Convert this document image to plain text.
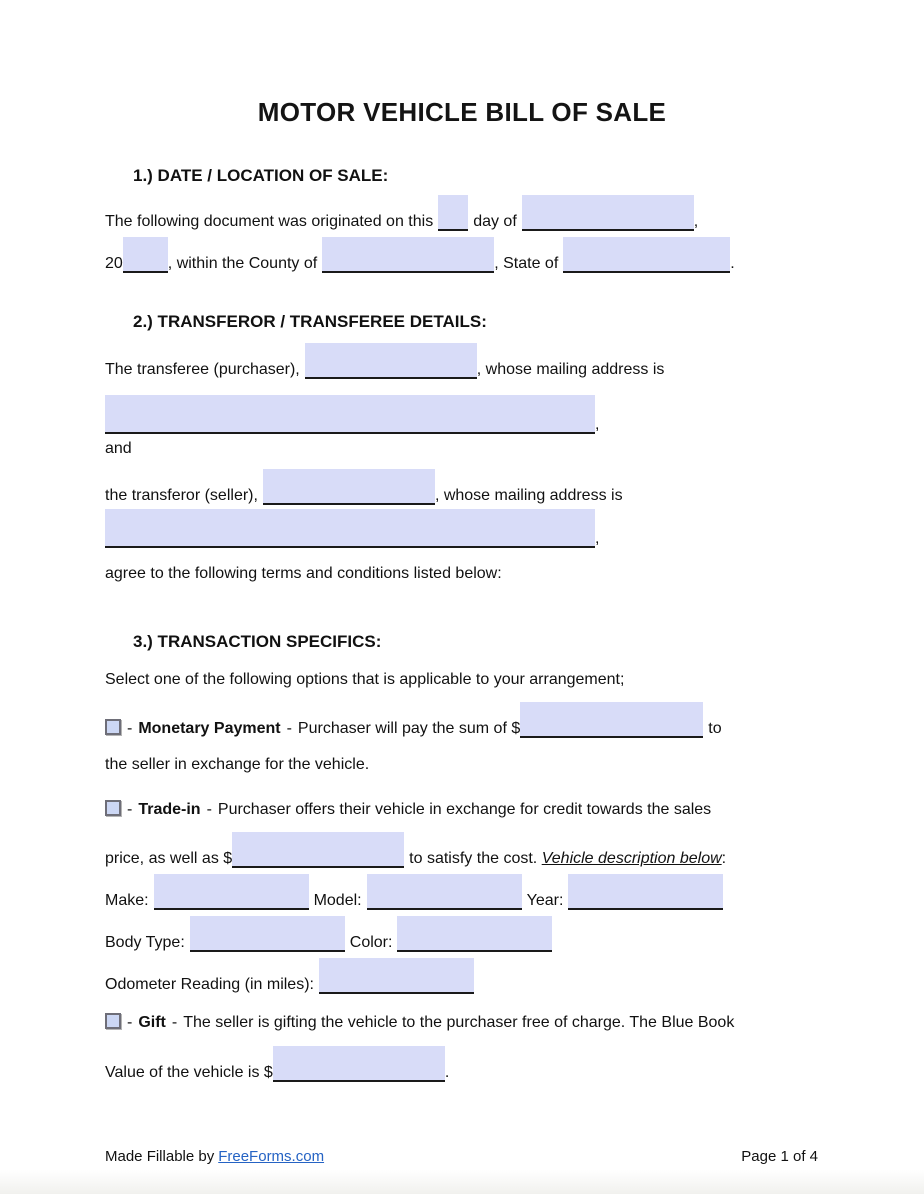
MOTOR VEHICLE BILL OF SALE
1.) DATE / LOCATION OF SALE:
The following document was originated on this	day of	,
20	, within the County of	, State of	.
2.) TRANSFEROR / TRANSFEREE DETAILS:
The transferee (purchaser),	, whose mailing address is
,
and
the transferor (seller),	, whose mailing address is
,
agree to the following terms and conditions listed below:
3.) TRANSACTION SPECIFICS:
Select one of the following options that is applicable to your arrangement;
- Monetary Payment - Purchaser will pay the sum of $	to
the seller in exchange for the vehicle.
- Trade-in - Purchaser offers their vehicle in exchange for credit towards the sales
price, as well as $	to satisfy the cost. Vehicle description below:
Make:	Model:	Year:
Body Type:	Color:
Odometer Reading (in miles):
- Gift - The seller is gifting the vehicle to the purchaser free of charge. The Blue Book
Value of the vehicle is $	.
Made Fillable by FreeForms.com	Page 1 of 4
